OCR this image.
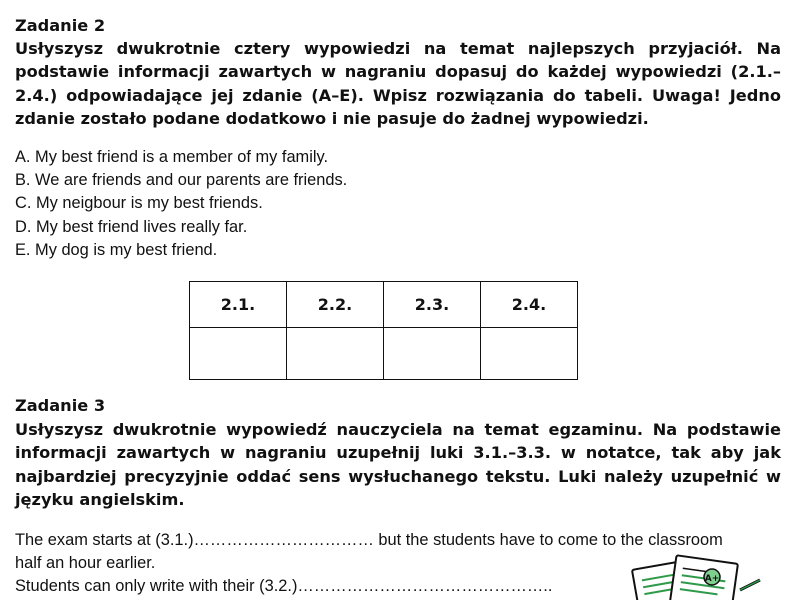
Zadanie 2

Usłyszysz dwukrotnie cztery wypowiedzi na temat najlepszych przyjaciół. Na podstawie informacji zawartych w nagraniu dopasuj do każdej wypowiedzi (2.1.–2.4.) odpowiadające jej zdanie (A–E). Wpisz rozwiązania do tabeli. Uwaga! Jedno zdanie zostało podane dodatkowo i nie pasuje do żadnej wypowiedzi.

A. My best friend is a member of my family.
B. We are friends and our parents are friends.
C. My neigbour is my best friends.
D. My best friend lives really far.
E. My dog is my best friend.
2.1.	2.2.	2.3.	2.4.

Zadanie 3

Usłyszysz dwukrotnie wypowiedź nauczyciela na temat egzaminu. Na podstawie informacji zawartych w nagraniu uzupełnij luki 3.1.–3.3. w notatce, tak aby jak najbardziej precyzyjnie oddać sens wysłuchanego tekstu. Luki należy uzupełnić w języku angielskim.

The exam starts at (3.1.)…………………………… but the students have to come to the classroom

half an hour earlier.

Students can only write with their (3.2.)………………………………………..	A+
